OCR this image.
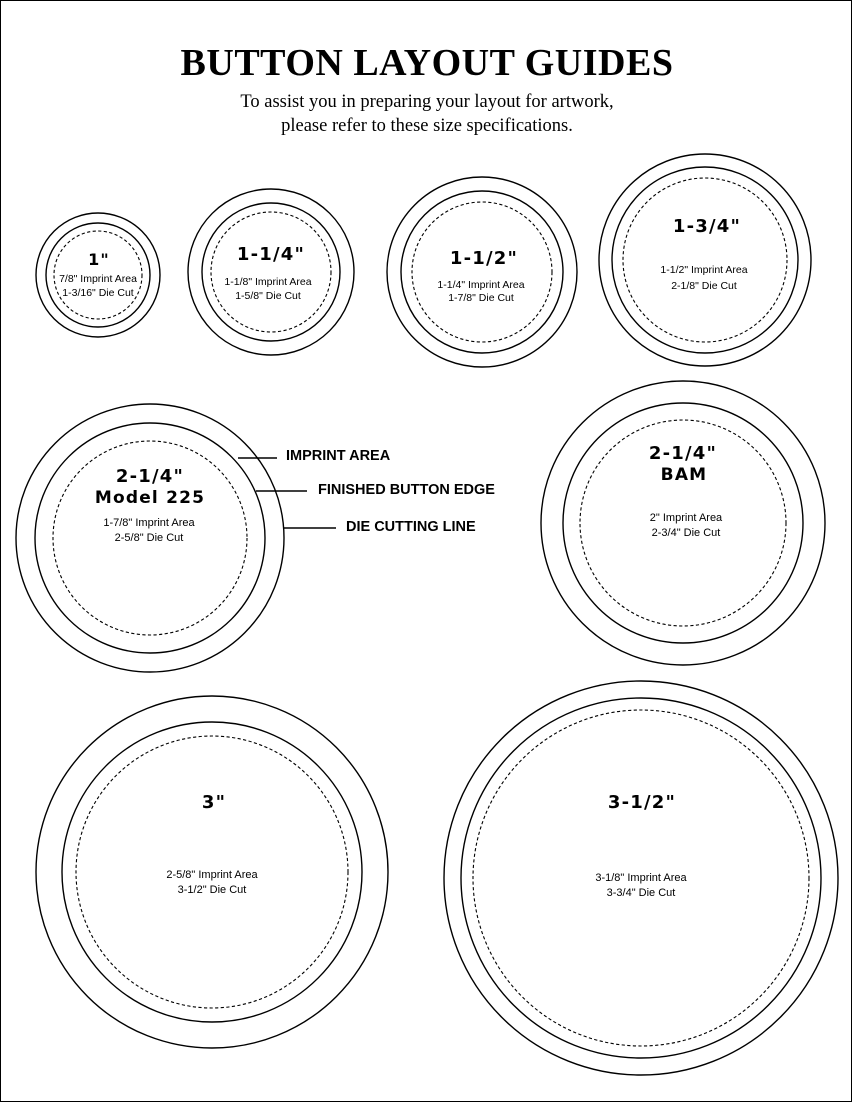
BUTTON LAYOUT GUIDES
To assist you in preparing your layout for artwork,
please refer to these size specifications.
1"
7/8" Imprint Area
1-3/16" Die Cut
1-1/4"
1-1/8" Imprint Area
1-5/8" Die Cut
1-1/2"
1-1/4" Imprint Area
1-7/8" Die Cut
1-3/4"
1-1/2" Imprint Area
2-1/8" Die Cut
2-1/4"
Model 225
1-7/8" Imprint Area
2-5/8" Die Cut
IMPRINT AREA
FINISHED BUTTON EDGE
DIE CUTTING LINE
2-1/4"
BAM
2" Imprint Area
2-3/4" Die Cut
3"
2-5/8" Imprint Area
3-1/2" Die Cut
3-1/2"
3-1/8" Imprint Area
3-3/4" Die Cut
